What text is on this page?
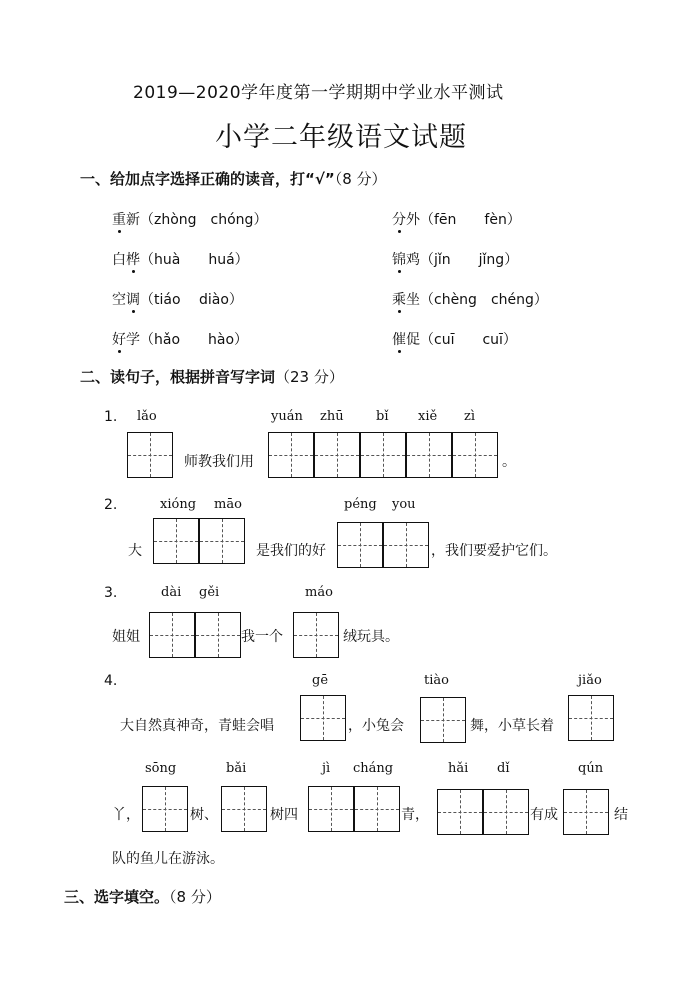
2019—2020学年度第一学期期中学业水平测试
小学二年级语文试题
一、给加点字选择正确的读音，打“√”（8 分）
重新（zhòng　chóng）	分外（fēn　　fèn）
白桦（huà　　huá）	锦鸡（jǐn　　jǐng）
空调（tiáo　 diào）	乘坐（chèng　chéng）
好学（hǎo　　hào）	催促（cuī　　cuī）
二、读句子，根据拼音写字词（23 分）
1. lǎo
师教我们用
yuán zhū bǐ xiě zì
。
2.	xióng māo
大	是我们的好
péng you
，我们要爱护它们。
3.	dài gěi
姐姐	我一个
máo
绒玩具。
4.
大自然真神奇，青蛙会唱
gē
，小兔会
tiào
舞，小草长着
jiǎo
sōng	bǎi	jì cháng	hǎi dǐ	qún
丫，	树、	树四	青，	有成	结
队的鱼儿在游泳。
三、选字填空。（8 分）
